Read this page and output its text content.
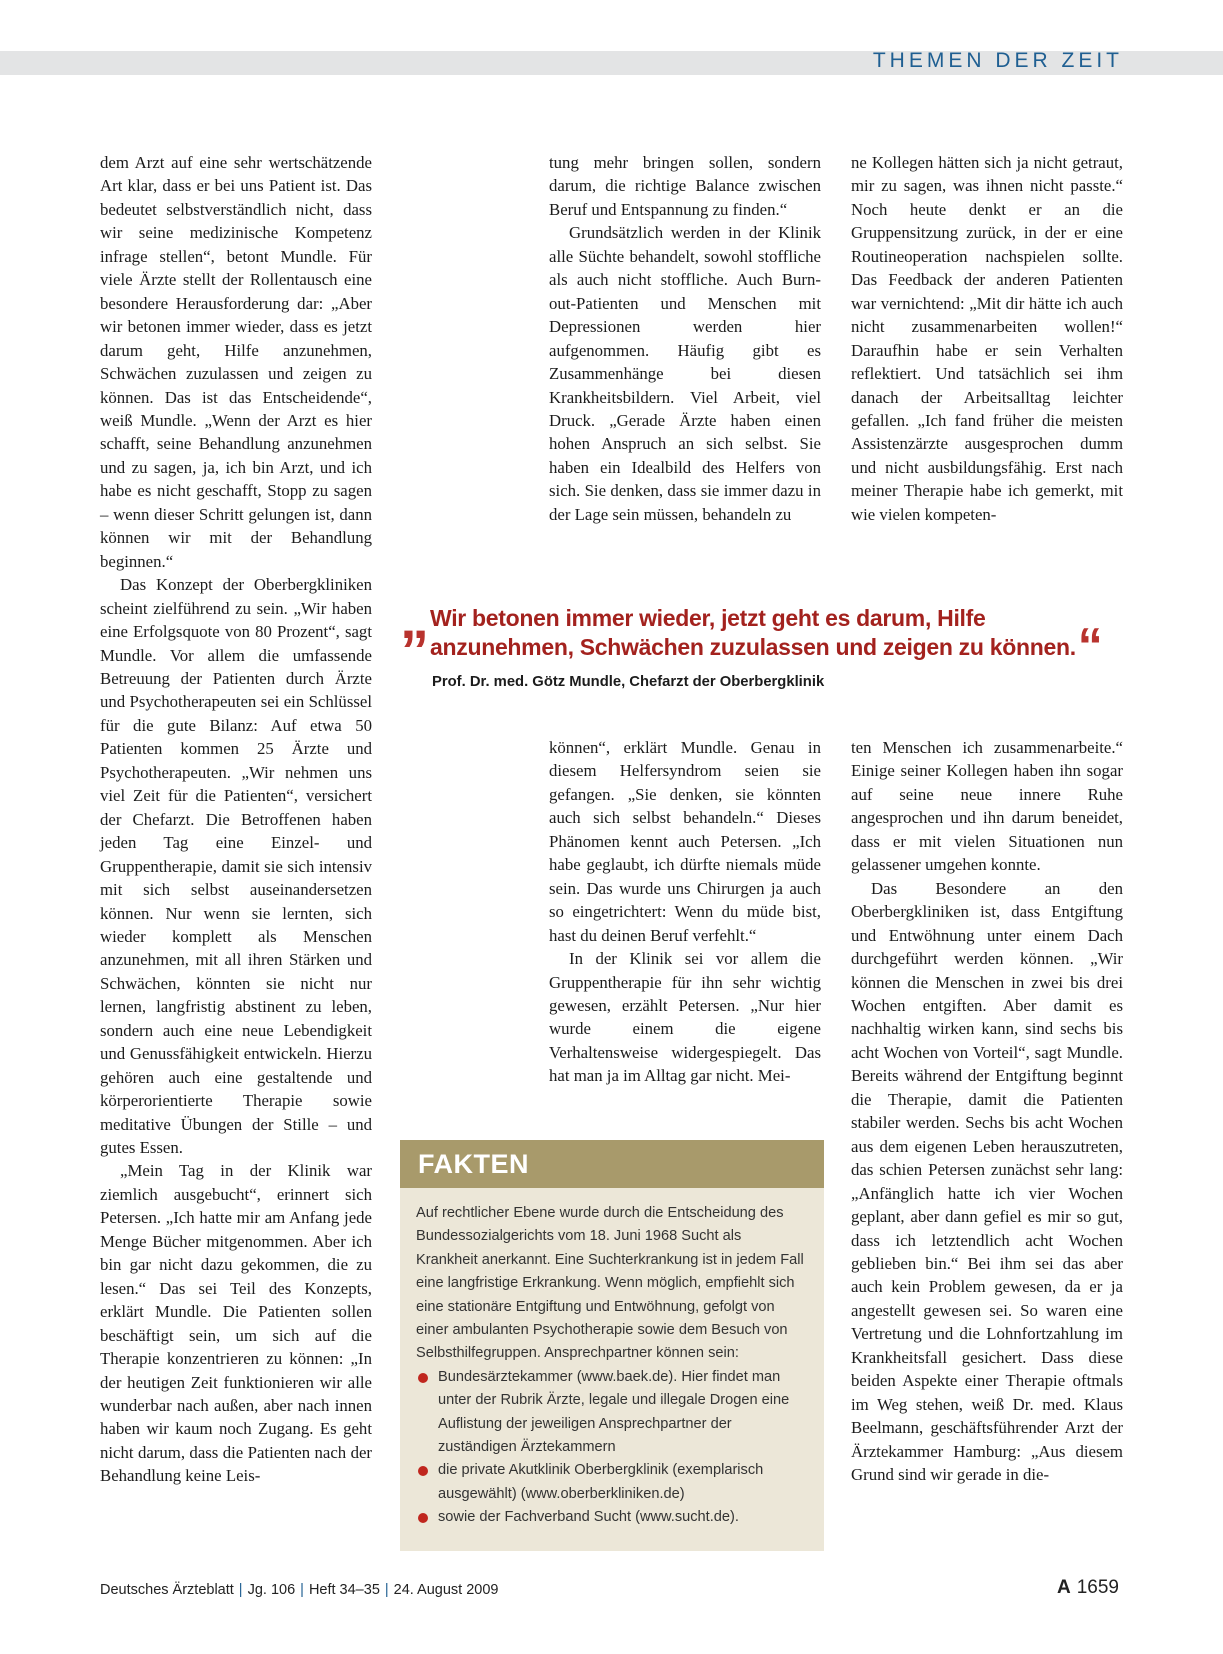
THEMEN DER ZEIT

dem Arzt auf eine sehr wertschätzende Art klar, dass er bei uns Patient ist. Das bedeutet selbstverständlich nicht, dass wir seine medizinische Kompetenz infrage stellen“, betont Mundle. Für viele Ärzte stellt der Rollentausch eine besondere Herausforderung dar: „Aber wir betonen immer wieder, dass es jetzt darum geht, Hilfe anzunehmen, Schwächen zuzulassen und zeigen zu können. Das ist das Entscheidende“, weiß Mundle. „Wenn der Arzt es hier schafft, seine Behandlung anzunehmen und zu sagen, ja, ich bin Arzt, und ich habe es nicht geschafft, Stopp zu sagen – wenn dieser Schritt gelungen ist, dann können wir mit der Behandlung beginnen.“

Das Konzept der Oberbergkliniken scheint zielführend zu sein. „Wir haben eine Erfolgsquote von 80 Prozent“, sagt Mundle. Vor allem die umfassende Betreuung der Patienten durch Ärzte und Psychotherapeuten sei ein Schlüssel für die gute Bilanz: Auf etwa 50 Patienten kommen 25 Ärzte und Psychotherapeuten. „Wir nehmen uns viel Zeit für die Patienten“, versichert der Chefarzt. Die Betroffenen haben jeden Tag eine Einzel- und Gruppentherapie, damit sie sich intensiv mit sich selbst auseinandersetzen können. Nur wenn sie lernten, sich wieder komplett als Menschen anzunehmen, mit all ihren Stärken und Schwächen, könnten sie nicht nur lernen, langfristig abstinent zu leben, sondern auch eine neue Lebendigkeit und Genussfähigkeit entwickeln. Hierzu gehören auch eine gestaltende und körperorientierte Therapie sowie meditative Übungen der Stille – und gutes Essen.

„Mein Tag in der Klinik war ziemlich ausgebucht“, erinnert sich Petersen. „Ich hatte mir am Anfang jede Menge Bücher mitgenommen. Aber ich bin gar nicht dazu gekommen, die zu lesen.“ Das sei Teil des Konzepts, erklärt Mundle. Die Patienten sollen beschäftigt sein, um sich auf die Therapie konzentrieren zu können: „In der heutigen Zeit funktionieren wir alle wunderbar nach außen, aber nach innen haben wir kaum noch Zugang. Es geht nicht darum, dass die Patienten nach der Behandlung keine Leis-

tung mehr bringen sollen, sondern darum, die richtige Balance zwischen Beruf und Entspannung zu finden.“

Grundsätzlich werden in der Klinik alle Süchte behandelt, sowohl stoffliche als auch nicht stoffliche. Auch Burn-out-Patienten und Menschen mit Depressionen werden hier aufgenommen. Häufig gibt es Zusammenhänge bei diesen Krankheitsbildern. Viel Arbeit, viel Druck. „Gerade Ärzte haben einen hohen Anspruch an sich selbst. Sie haben ein Idealbild des Helfers von sich. Sie denken, dass sie immer dazu in der Lage sein müssen, behandeln zu

ne Kollegen hätten sich ja nicht getraut, mir zu sagen, was ihnen nicht passte.“ Noch heute denkt er an die Gruppensitzung zurück, in der er eine Routineoperation nachspielen sollte. Das Feedback der anderen Patienten war vernichtend: „Mit dir hätte ich auch nicht zusammenarbeiten wollen!“ Daraufhin habe er sein Verhalten reflektiert. Und tatsächlich sei ihm danach der Arbeitsalltag leichter gefallen. „Ich fand früher die meisten Assistenzärzte ausgesprochen dumm und nicht ausbildungsfähig. Erst nach meiner Therapie habe ich gemerkt, mit wie vielen kompeten-

„ Wir betonen immer wieder, jetzt geht es darum, Hilfe anzunehmen, Schwächen zuzulassen und zeigen zu können.“
Prof. Dr. med. Götz Mundle, Chefarzt der Oberbergklinik

können“, erklärt Mundle. Genau in diesem Helfersyndrom seien sie gefangen. „Sie denken, sie könnten auch sich selbst behandeln.“ Dieses Phänomen kennt auch Petersen. „Ich habe geglaubt, ich dürfte niemals müde sein. Das wurde uns Chirurgen ja auch so eingetrichtert: Wenn du müde bist, hast du deinen Beruf verfehlt.“

In der Klinik sei vor allem die Gruppentherapie für ihn sehr wichtig gewesen, erzählt Petersen. „Nur hier wurde einem die eigene Verhaltensweise widergespiegelt. Das hat man ja im Alltag gar nicht. Mei-

ten Menschen ich zusammenarbeite.“ Einige seiner Kollegen haben ihn sogar auf seine neue innere Ruhe angesprochen und ihn darum beneidet, dass er mit vielen Situationen nun gelassener umgehen konnte.

Das Besondere an den Oberbergkliniken ist, dass Entgiftung und Entwöhnung unter einem Dach durchgeführt werden können. „Wir können die Menschen in zwei bis drei Wochen entgiften. Aber damit es nachhaltig wirken kann, sind sechs bis acht Wochen von Vorteil“, sagt Mundle. Bereits während der Entgiftung beginnt die Therapie, damit die Patienten stabiler werden. Sechs bis acht Wochen aus dem eigenen Leben herauszutreten, das schien Petersen zunächst sehr lang: „Anfänglich hatte ich vier Wochen geplant, aber dann gefiel es mir so gut, dass ich letztendlich acht Wochen geblieben bin.“ Bei ihm sei das aber auch kein Problem gewesen, da er ja angestellt gewesen sei. So waren eine Vertretung und die Lohnfortzahlung im Krankheitsfall gesichert. Dass diese beiden Aspekte einer Therapie oftmals im Weg stehen, weiß Dr. med. Klaus Beelmann, geschäftsführender Arzt der Ärztekammer Hamburg: „Aus diesem Grund sind wir gerade in die-

FAKTEN

Auf rechtlicher Ebene wurde durch die Entscheidung des Bundessozialgerichts vom 18. Juni 1968 Sucht als Krankheit anerkannt. Eine Suchterkrankung ist in jedem Fall eine langfristige Erkrankung. Wenn möglich, empfiehlt sich eine stationäre Entgiftung und Entwöhnung, gefolgt von einer ambulanten Psychotherapie sowie dem Besuch von Selbsthilfegruppen. Ansprechpartner können sein:

Bundesärztekammer (www.baek.de). Hier findet man unter der Rubrik Ärzte, legale und illegale Drogen eine Auflistung der jeweiligen Ansprechpartner der zuständigen Ärztekammern
die private Akutklinik Oberbergklinik (exemplarisch ausgewählt) (www.oberberkliniken.de)
sowie der Fachverband Sucht (www.sucht.de).
Deutsches Ärzteblatt | Jg. 106 | Heft 34–35 | 24. August 2009	A 1659
